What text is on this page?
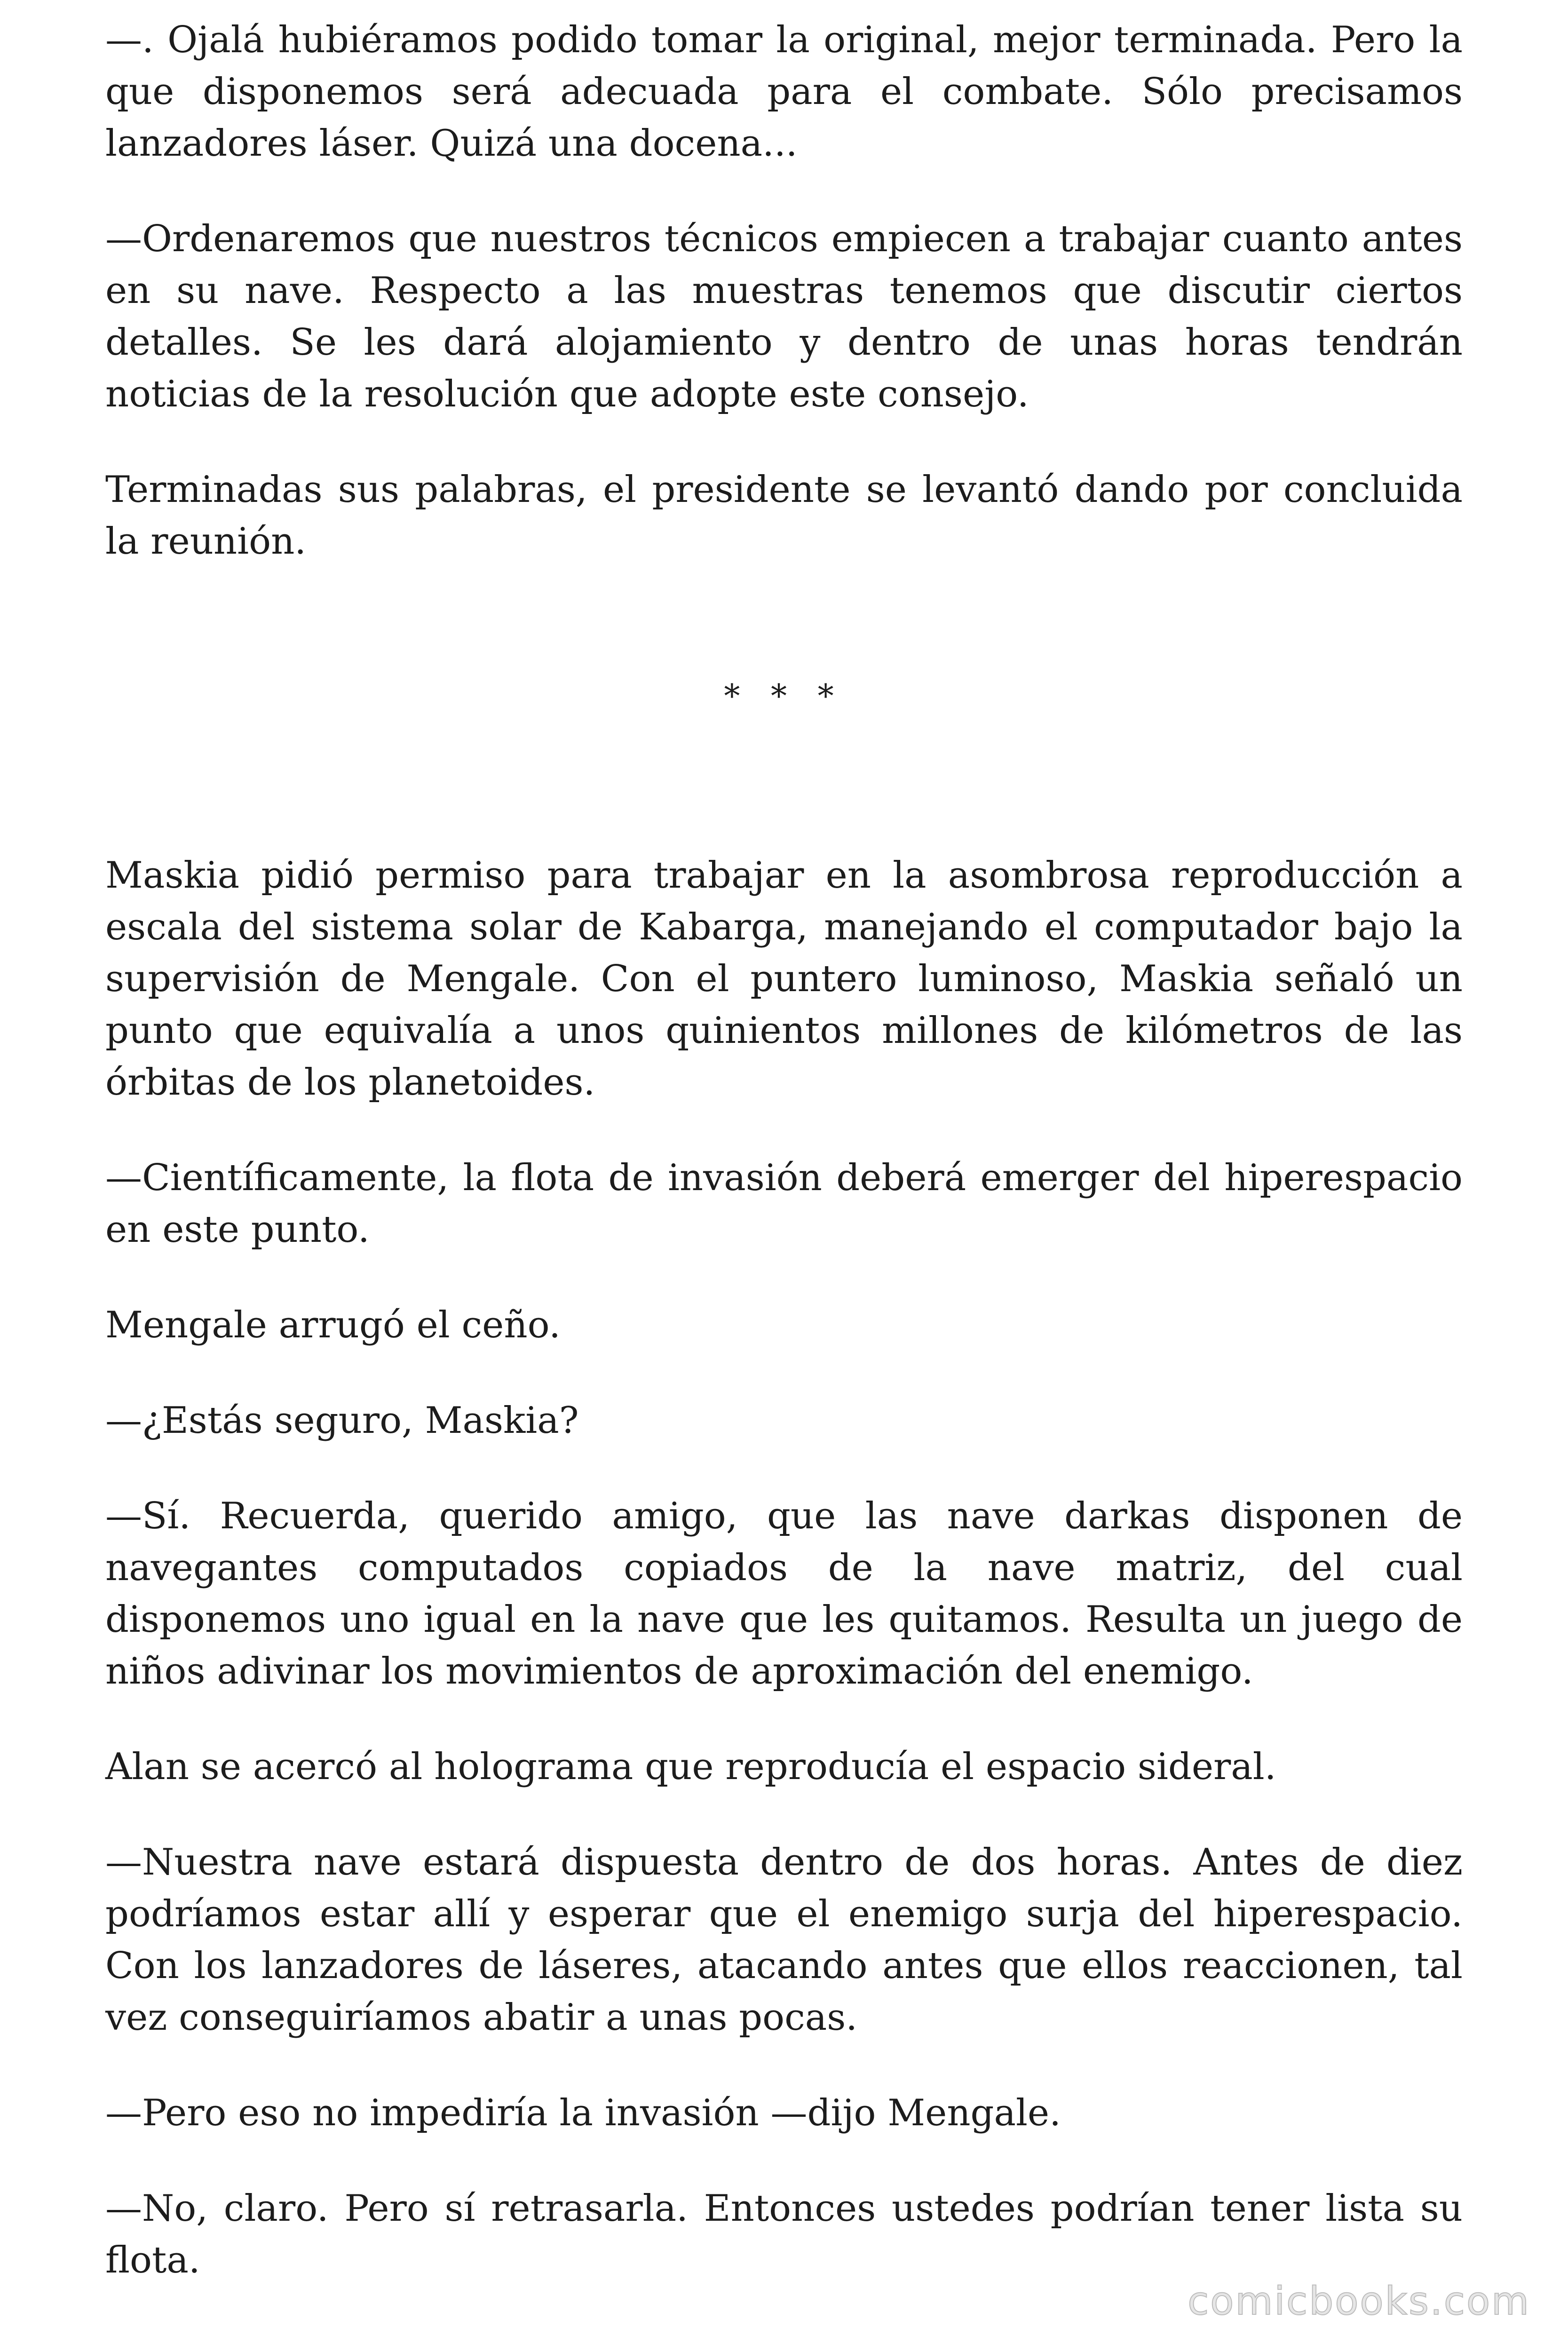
—. Ojalá hubiéramos podido tomar la original, mejor terminada. Pero la que disponemos será adecuada para el combate. Sólo precisamos lanzadores láser. Quizá una docena...

—Ordenaremos que nuestros técnicos empiecen a trabajar cuanto antes en su nave. Respecto a las muestras tenemos que discutir ciertos detalles. Se les dará alojamiento y dentro de unas horas tendrán noticias de la resolución que adopte este consejo.

Terminadas sus palabras, el presidente se levantó dando por concluida la reunión.

* * *

Maskia pidió permiso para trabajar en la asombrosa reproducción a escala del sistema solar de Kabarga, manejando el computador bajo la supervisión de Mengale. Con el puntero luminoso, Maskia señaló un punto que equivalía a unos quinientos millones de kilómetros de las órbitas de los planetoides.

—Científicamente, la flota de invasión deberá emerger del hiperespacio en este punto.

Mengale arrugó el ceño.

—¿Estás seguro, Maskia?

—Sí. Recuerda, querido amigo, que las nave darkas disponen de navegantes computados copiados de la nave matriz, del cual disponemos uno igual en la nave que les quitamos. Resulta un juego de niños adivinar los movimientos de aproximación del enemigo.

Alan se acercó al holograma que reproducía el espacio sideral.

—Nuestra nave estará dispuesta dentro de dos horas. Antes de diez podríamos estar allí y esperar que el enemigo surja del hiperespacio. Con los lanzadores de láseres, atacando antes que ellos reaccionen, tal vez conseguiríamos abatir a unas pocas.

—Pero eso no impediría la invasión —dijo Mengale.

—No, claro. Pero sí retrasarla. Entonces ustedes podrían tener lista su flota.

comicbooks.com
